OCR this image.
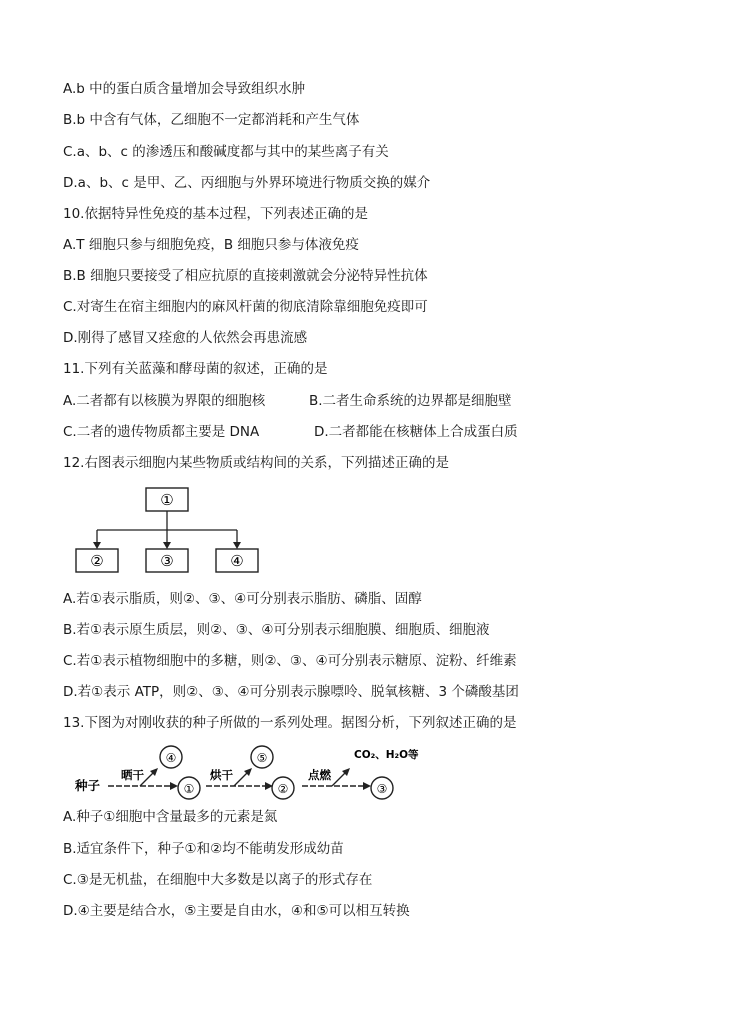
A.b 中的蛋白质含量增加会导致组织水肿
B.b 中含有气体，乙细胞不一定都消耗和产生气体
C.a、b、c 的渗透压和酸碱度都与其中的某些离子有关
D.a、b、c 是甲、乙、丙细胞与外界环境进行物质交换的媒介
10.依据特异性免疫的基本过程，下列表述正确的是
A.T 细胞只参与细胞免疫，B 细胞只参与体液免疫
B.B 细胞只要接受了相应抗原的直接刺激就会分泌特异性抗体
C.对寄生在宿主细胞内的麻风杆菌的彻底清除靠细胞免疫即可
D.刚得了感冒又痊愈的人依然会再患流感
11.下列有关蓝藻和酵母菌的叙述，正确的是
A.二者都有以核膜为界限的细胞核	B.二者生命系统的边界都是细胞壁
C.二者的遗传物质都主要是 DNA	D.二者都能在核糖体上合成蛋白质
12.右图表示细胞内某些物质或结构间的关系，下列描述正确的是
①
②	③	④
A.若①表示脂质，则②、③、④可分别表示脂肪、磷脂、固醇
B.若①表示原生质层，则②、③、④可分别表示细胞膜、细胞质、细胞液
C.若①表示植物细胞中的多糖，则②、③、④可分别表示糖原、淀粉、纤维素
D.若①表示 ATP，则②、③、④可分别表示腺嘌呤、脱氧核糖、3 个磷酸基团
13.下图为对刚收获的种子所做的一系列处理。据图分析，下列叙述正确的是
种子
晒干
④
①
烘干
⑤
②
点燃
CO₂、H₂O等
③
A.种子①细胞中含量最多的元素是氮
B.适宜条件下，种子①和②均不能萌发形成幼苗
C.③是无机盐，在细胞中大多数是以离子的形式存在
D.④主要是结合水，⑤主要是自由水，④和⑤可以相互转换
